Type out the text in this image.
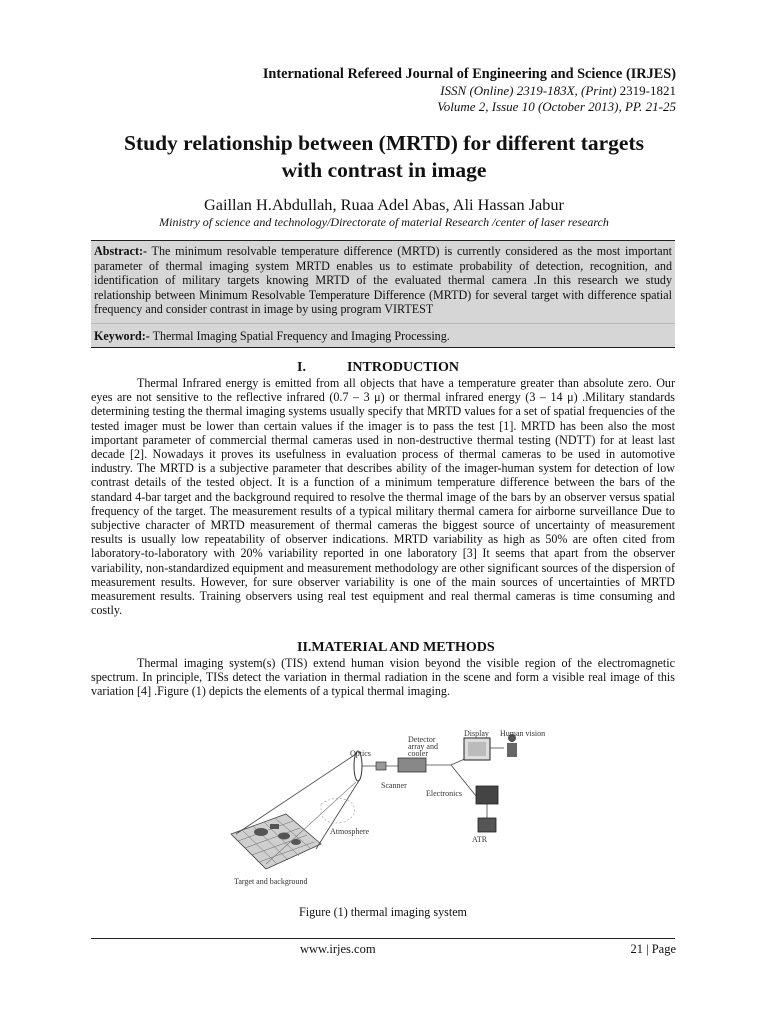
International Refereed Journal of Engineering and Science (IRJES)
ISSN (Online) 2319-183X, (Print) 2319-1821
Volume 2, Issue 10 (October 2013), PP. 21-25
Study relationship between (MRTD) for different targets
with contrast in image
Gaillan H.Abdullah, Ruaa Adel Abas, Ali Hassan Jabur
Ministry of science and technology/Directorate of material Research /center of laser research
Abstract:- The minimum resolvable temperature difference (MRTD) is currently considered as the most important parameter of thermal imaging system MRTD enables us to estimate probability of detection, recognition, and identification of military targets knowing MRTD of the evaluated thermal camera .In this research we study relationship between Minimum Resolvable Temperature Difference (MRTD) for several target with difference spatial frequency and consider contrast in image by using program VIRTEST
Keyword:- Thermal Imaging Spatial Frequency and Imaging Processing.
I.	INTRODUCTION
Thermal Infrared energy is emitted from all objects that have a temperature greater than absolute zero. Our eyes are not sensitive to the reflective infrared (0.7 – 3 μ) or thermal infrared energy (3 – 14 μ) .Military standards determining testing the thermal imaging systems usually specify that MRTD values for a set of spatial frequencies of the tested imager must be lower than certain values if the imager is to pass the test [1]. MRTD has been also the most important parameter of commercial thermal cameras used in non-destructive thermal testing (NDTT) for at least last decade [2]. Nowadays it proves its usefulness in evaluation process of thermal cameras to be used in automotive industry. The MRTD is a subjective parameter that describes ability of the imager-human system for detection of low contrast details of the tested object. It is a function of a minimum temperature difference between the bars of the standard 4-bar target and the background required to resolve the thermal image of the bars by an observer versus spatial frequency of the target. The measurement results of a typical military thermal camera for airborne surveillance Due to subjective character of MRTD measurement of thermal cameras the biggest source of uncertainty of measurement results is usually low repeatability of observer indications. MRTD variability as high as 50% are often cited from laboratory-to-laboratory with 20% variability reported in one laboratory [3] It seems that apart from the observer variability, non-standardized equipment and measurement methodology are other significant sources of the dispersion of measurement results. However, for sure observer variability is one of the main sources of uncertainties of MRTD measurement results. Training observers using real test equipment and real thermal cameras is time consuming and costly.
II. MATERIAL AND METHODS
Thermal imaging system(s) (TIS) extend human vision beyond the visible region of the electromagnetic spectrum. In principle, TISs detect the variation in thermal radiation in the scene and form a visible real image of this variation [4] .Figure (1) depicts the elements of a typical thermal imaging.
Optics
Detector
array and
cooler
Display Human vision
Scanner
Electronics
ATR
Atmosphere
Target and background
Figure (1) thermal imaging system
www.irjes.com	21 | Page
